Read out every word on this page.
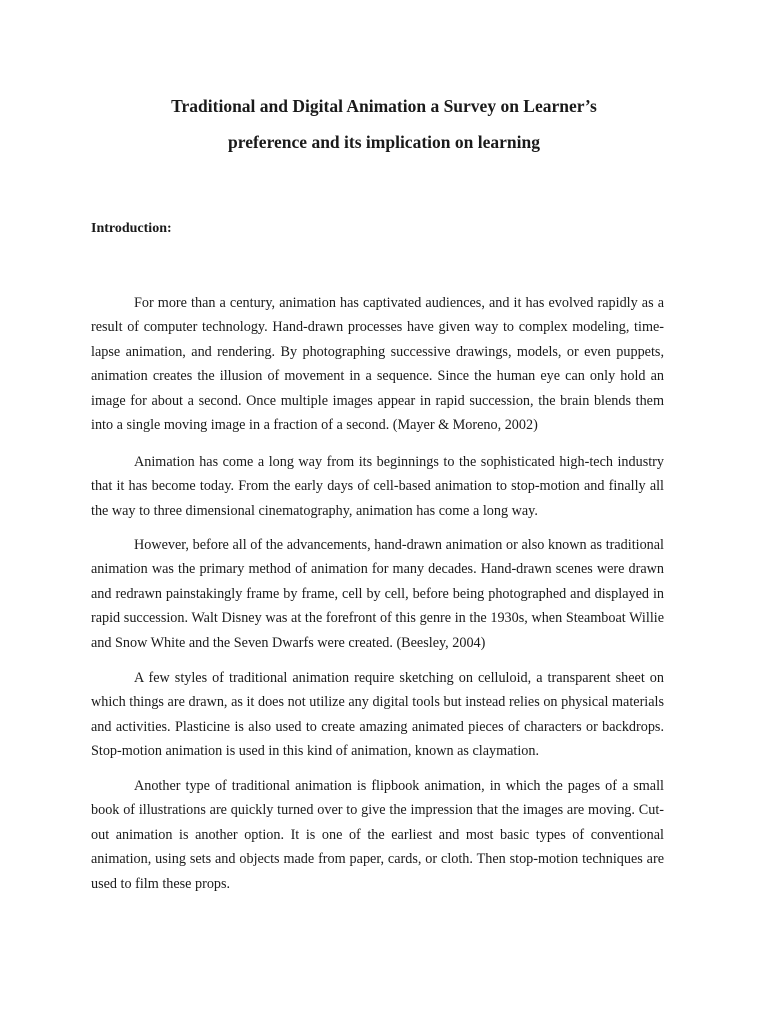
Traditional and Digital Animation a Survey on Learner’s
preference and its implication on learning
Introduction:

For more than a century, animation has captivated audiences, and it has evolved rapidly as a result of computer technology. Hand-drawn processes have given way to complex modeling, time-lapse animation, and rendering. By photographing successive drawings, models, or even puppets, animation creates the illusion of movement in a sequence. Since the human eye can only hold an image for about a second. Once multiple images appear in rapid succession, the brain blends them into a single moving image in a fraction of a second. (Mayer & Moreno, 2002)

Animation has come a long way from its beginnings to the sophisticated high-tech industry that it has become today. From the early days of cell-based animation to stop-motion and finally all the way to three dimensional cinematography, animation has come a long way.

However, before all of the advancements, hand-drawn animation or also known as traditional animation was the primary method of animation for many decades. Hand-drawn scenes were drawn and redrawn painstakingly frame by frame, cell by cell, before being photographed and displayed in rapid succession. Walt Disney was at the forefront of this genre in the 1930s, when Steamboat Willie and Snow White and the Seven Dwarfs were created. (Beesley, 2004)

A few styles of traditional animation require sketching on celluloid, a transparent sheet on which things are drawn, as it does not utilize any digital tools but instead relies on physical materials and activities. Plasticine is also used to create amazing animated pieces of characters or backdrops. Stop-motion animation is used in this kind of animation, known as claymation.

Another type of traditional animation is flipbook animation, in which the pages of a small book of illustrations are quickly turned over to give the impression that the images are moving. Cut-out animation is another option. It is one of the earliest and most basic types of conventional animation, using sets and objects made from paper, cards, or cloth. Then stop-motion techniques are used to film these props.
